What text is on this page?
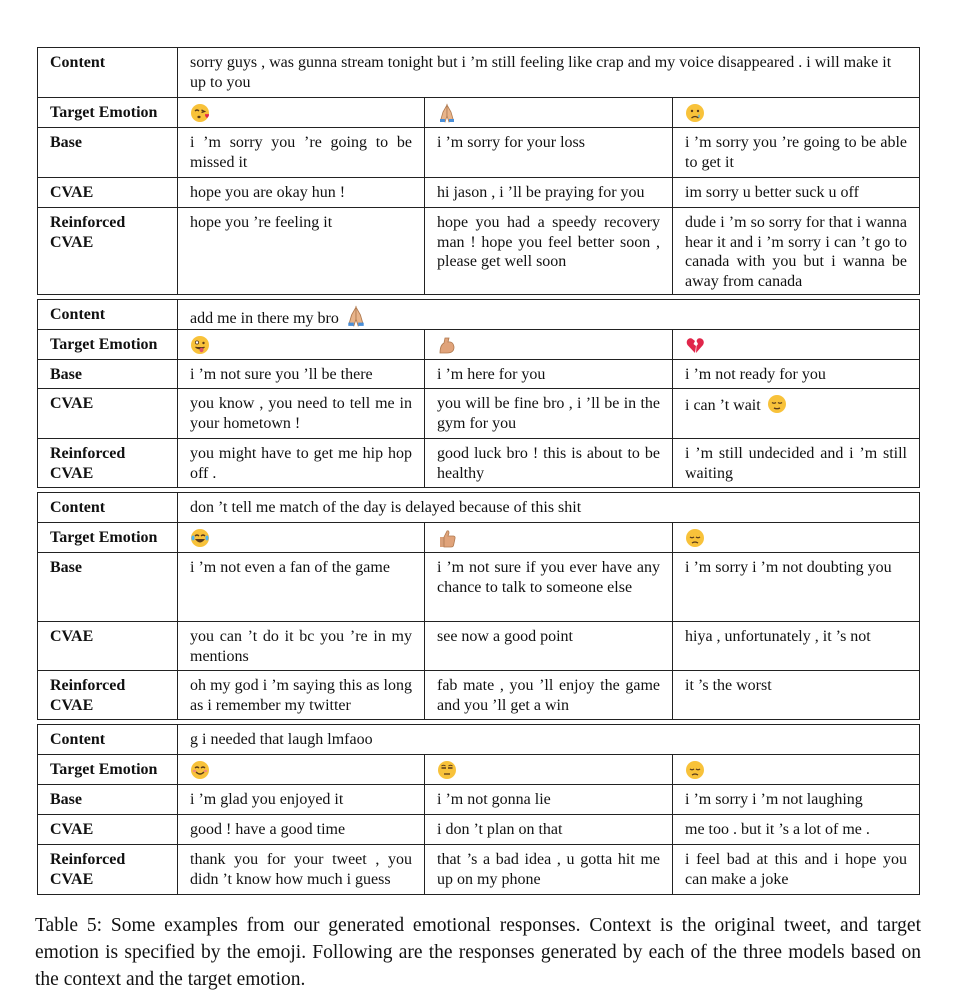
Content	sorry guys , was gunna stream tonight but i ’m still feeling like crap and my voice disappeared . i will make it up to you		
Target Emotion			
Base	i ’m sorry you ’re going to be missed it	i ’m sorry for your loss	i ’m sorry you ’re going to be able to get it
CVAE	hope you are okay hun !	hi jason , i ’ll be praying for you	im sorry u better suck u off
Reinforced CVAE	hope you ’re feeling it	hope you had a speedy recovery man ! hope you feel better soon , please get well soon	dude i ’m so sorry for that i wanna hear it and i ’m sorry i can ’t go to canada with you but i wanna be away from canada
Content	add me in there my bro		
Target Emotion			
Base	i ’m not sure you ’ll be there	i ’m here for you	i ’m not ready for you
CVAE	you know , you need to tell me in your hometown !	you will be fine bro , i ’ll be in the gym for you	i can ’t wait
Reinforced CVAE	you might have to get me hip hop off .	good luck bro ! this is about to be healthy	i ’m still undecided and i ’m still waiting
Content	don ’t tell me match of the day is delayed because of this shit		
Target Emotion			
Base	i ’m not even a fan of the game	i ’m not sure if you ever have any chance to talk to someone else	i ’m sorry i ’m not doubting you
CVAE	you can ’t do it bc you ’re in my mentions	see now a good point	hiya , unfortunately , it ’s not
Reinforced CVAE	oh my god i ’m saying this as long as i remember my twitter	fab mate , you ’ll enjoy the game and you ’ll get a win	it ’s the worst
Content	g i needed that laugh lmfaoo		
Target Emotion			
Base	i ’m glad you enjoyed it	i ’m not gonna lie	i ’m sorry i ’m not laughing
CVAE	good ! have a good time	i don ’t plan on that	me too . but it ’s a lot of me .
Reinforced CVAE	thank you for your tweet , you didn ’t know how much i guess	that ’s a bad idea , u gotta hit me up on my phone	i feel bad at this and i hope you can make a joke
Table 5: Some examples from our generated emotional responses. Context is the original tweet, and target emotion is specified by the emoji. Following are the responses generated by each of the three models based on the context and the target emotion.
